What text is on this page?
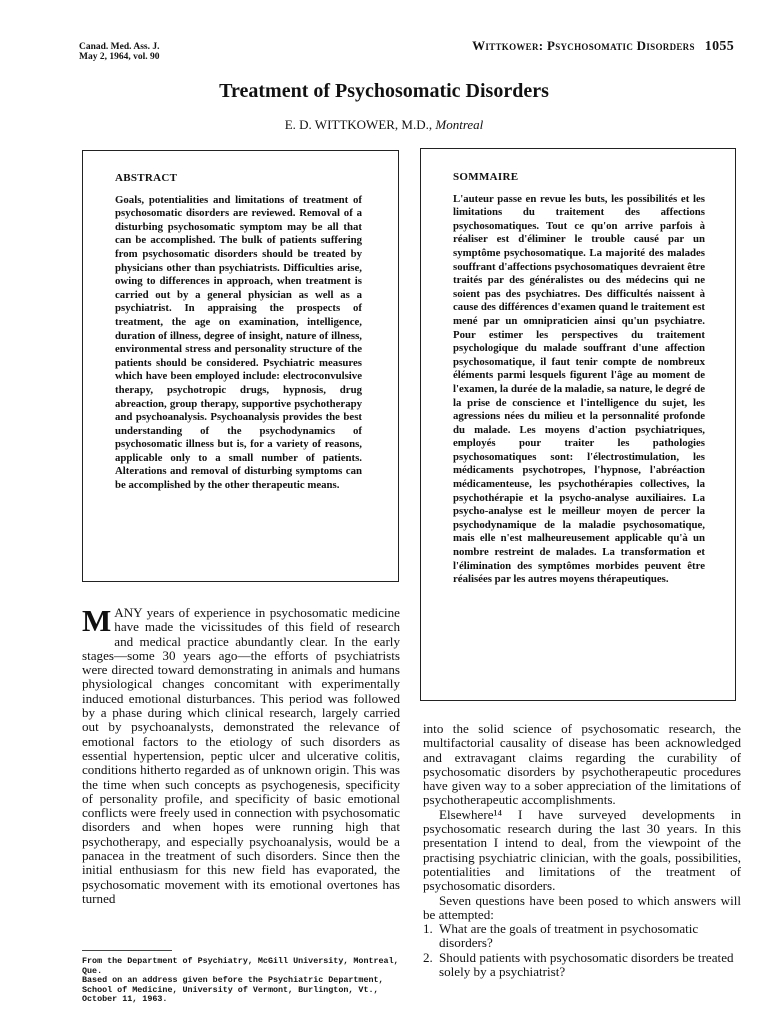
Canad. Med. Ass. J.
May 2, 1964, vol. 90
Wittkower: Psychosomatic Disorders 1055
Treatment of Psychosomatic Disorders
E. D. WITTKOWER, M.D., Montreal
ABSTRACT

Goals, potentialities and limitations of treatment of psychosomatic disorders are reviewed. Removal of a disturbing psychosomatic symptom may be all that can be accomplished. The bulk of patients suffering from psychosomatic disorders should be treated by physicians other than psychiatrists. Difficulties arise, owing to differences in approach, when treatment is carried out by a general physician as well as a psychiatrist. In appraising the prospects of treatment, the age on examination, intelligence, duration of illness, degree of insight, nature of illness, environmental stress and personality structure of the patients should be considered. Psychiatric measures which have been employed include: electroconvulsive therapy, psychotropic drugs, hypnosis, drug abreaction, group therapy, supportive psychotherapy and psychoanalysis. Psychoanalysis provides the best understanding of the psychodynamics of psychosomatic illness but is, for a variety of reasons, applicable only to a small number of patients. Alterations and removal of disturbing symptoms can be accomplished by the other therapeutic means.

SOMMAIRE

L'auteur passe en revue les buts, les possibilités et les limitations du traitement des affections psychosomatiques. Tout ce qu'on arrive parfois à réaliser est d'éliminer le trouble causé par un symptôme psychosomatique. La majorité des malades souffrant d'affections psychosomatiques devraient être traités par des généralistes ou des médecins qui ne soient pas des psychiatres. Des difficultés naissent à cause des différences d'examen quand le traitement est mené par un omnipraticien ainsi qu'un psychiatre. Pour estimer les perspectives du traitement psychologique du malade souffrant d'une affection psychosomatique, il faut tenir compte de nombreux éléments parmi lesquels figurent l'âge au moment de l'examen, la durée de la maladie, sa nature, le degré de la prise de conscience et l'intelligence du sujet, les agressions nées du milieu et la personnalité profonde du malade. Les moyens d'action psychiatriques, employés pour traiter les pathologies psychosomatiques sont: l'électrostimulation, les médicaments psychotropes, l'hypnose, l'abréaction médicamenteuse, les psychothérapies collectives, la psychothérapie et la psycho-analyse auxiliaires. La psycho-analyse est le meilleur moyen de percer la psychodynamique de la maladie psychosomatique, mais elle n'est malheureusement applicable qu'à un nombre restreint de malades. La transformation et l'élimination des symptômes morbides peuvent être réalisées par les autres moyens thérapeutiques.

MANY years of experience in psychosomatic medicine have made the vicissitudes of this field of research and medical practice abundantly clear. In the early stages—some 30 years ago—the efforts of psychiatrists were directed toward demonstrating in animals and humans physiological changes concomitant with experimentally induced emotional disturbances. This period was followed by a phase during which clinical research, largely carried out by psychoanalysts, demonstrated the relevance of emotional factors to the etiology of such disorders as essential hypertension, peptic ulcer and ulcerative colitis, conditions hitherto regarded as of unknown origin. This was the time when such concepts as psychogenesis, specificity of personality profile, and specificity of basic emotional conflicts were freely used in connection with psychosomatic disorders and when hopes were running high that psychotherapy, and especially psychoanalysis, would be a panacea in the treatment of such disorders. Since then the initial enthusiasm for this new field has evaporated, the psychosomatic movement with its emotional overtones has turned

into the solid science of psychosomatic research, the multifactorial causality of disease has been acknowledged and extravagant claims regarding the curability of psychosomatic disorders by psychotherapeutic procedures have given way to a sober appreciation of the limitations of psychotherapeutic accomplishments.

Elsewhere¹⁴ I have surveyed developments in psychosomatic research during the last 30 years. In this presentation I intend to deal, from the viewpoint of the practising psychiatric clinician, with the goals, possibilities, potentialities and limitations of the treatment of psychosomatic disorders.

Seven questions have been posed to which answers will be attempted:

1. What are the goals of treatment in psychosomatic disorders?
2. Should patients with psychosomatic disorders be treated solely by a psychiatrist?

From the Department of Psychiatry, McGill University, Montreal, Que.

Based on an address given before the Psychiatric Department, School of Medicine, University of Vermont, Burlington, Vt., October 11, 1963.
